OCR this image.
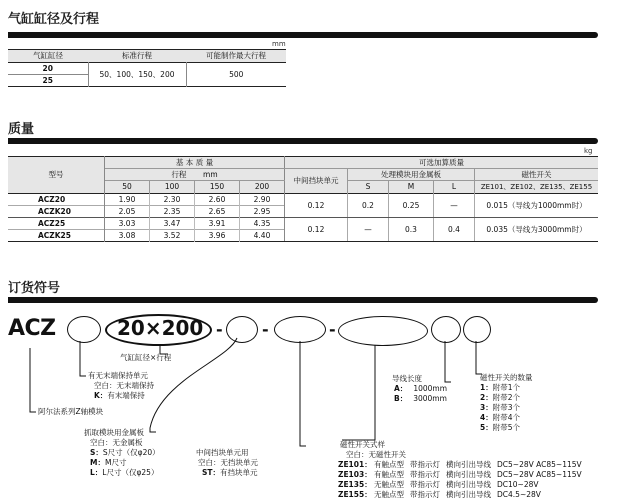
气缸缸径及行程
mm
气缸缸径	标准行程	可能制作最大行程
20	50、100、150、200	500
25		
质量
kg
型号	基 本 质 量				可选加算质量				
	行程 mm				中间挡块单元	处理模块用金属板			磁性开关
	50	100	150	200		S	M	L	ZE101、ZE102、ZE135、ZE155
ACZ20	1.90	2.30	2.60	2.90	0.12	0.2	0.25	—	0.015（导线为1000mm时）
ACZK20	2.05	2.35	2.65	2.95					
ACZ25	3.03	3.47	3.91	4.35	0.12	—	0.3	0.4	0.035（导线为3000mm时）
ACZK25	3.08	3.52	3.96	4.40					
订货符号
ACZ	20×200 - -	-
气缸缸径×行程
有无末端保持单元
空白：无末端保持
K：有末端保持
阿尔法系列Z轴模块
抓取模块用金属板
空白：无金属板
S：S尺寸（仅φ20）
M：M尺寸
L：L尺寸（仅φ25）
中间挡块单元用
空白：无挡块单元
ST：有挡块单元
磁性开关式样
空白：无磁性开关
ZE101： 有触点型 带指示灯 横向引出导线 DC5~28V AC85~115V
ZE103： 有触点型 带指示灯 横向引出导线 DC5~28V AC85~115V
ZE135： 无触点型 带指示灯 横向引出导线 DC10~28V
ZE155： 无触点型 带指示灯 横向引出导线 DC4.5~28V
导线长度
A： 1000mm
B： 3000mm
磁性开关的数量
1：附带1个
2：附带2个
3：附带3个
4：附带4个
5：附带5个
